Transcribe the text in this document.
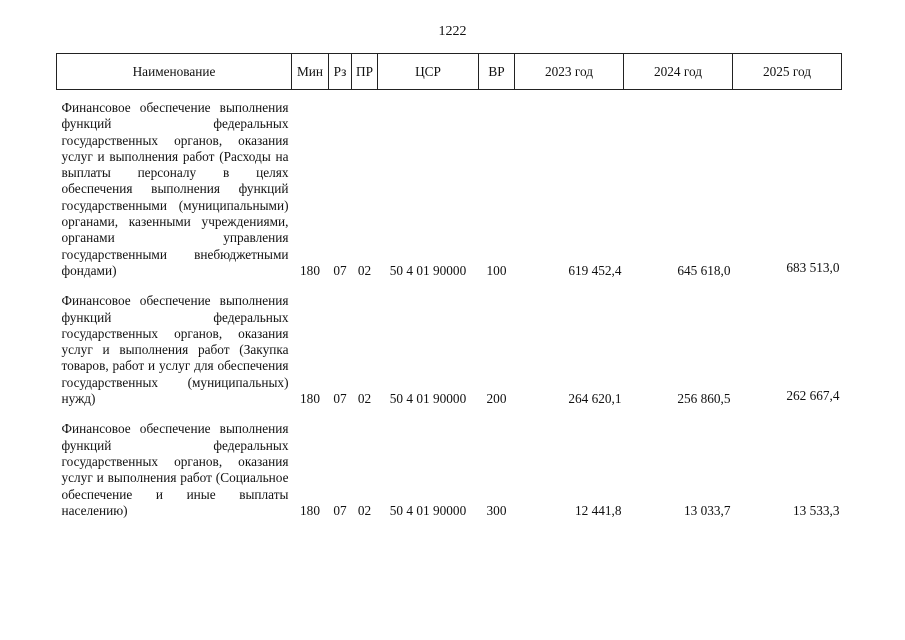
1222
Наименование	Мин	Рз	ПР	ЦСР	ВР	2023 год	2024 год	2025 год

Финансовое обеспечение выполнения функций федеральных государственных органов, оказания услуг и выполнения работ (Расходы на выплаты персоналу в целях обеспечения выполнения функций государственными (муниципальными) органами, казенными учреждениями, органами управления государственными внебюджетными фондами)	180	07	02	50 4 01 90000	100	619 452,4	645 618,0	683 513,0

Финансовое обеспечение выполнения функций федеральных государственных органов, оказания услуг и выполнения работ (Закупка товаров, работ и услуг для обеспечения государственных (муниципальных) нужд)	180	07	02	50 4 01 90000	200	264 620,1	256 860,5	262 667,4

Финансовое обеспечение выполнения функций федеральных государственных органов, оказания услуг и выполнения работ (Социальное обеспечение и иные выплаты населению)	180	07	02	50 4 01 90000	300	12 441,8	13 033,7	13 533,3
